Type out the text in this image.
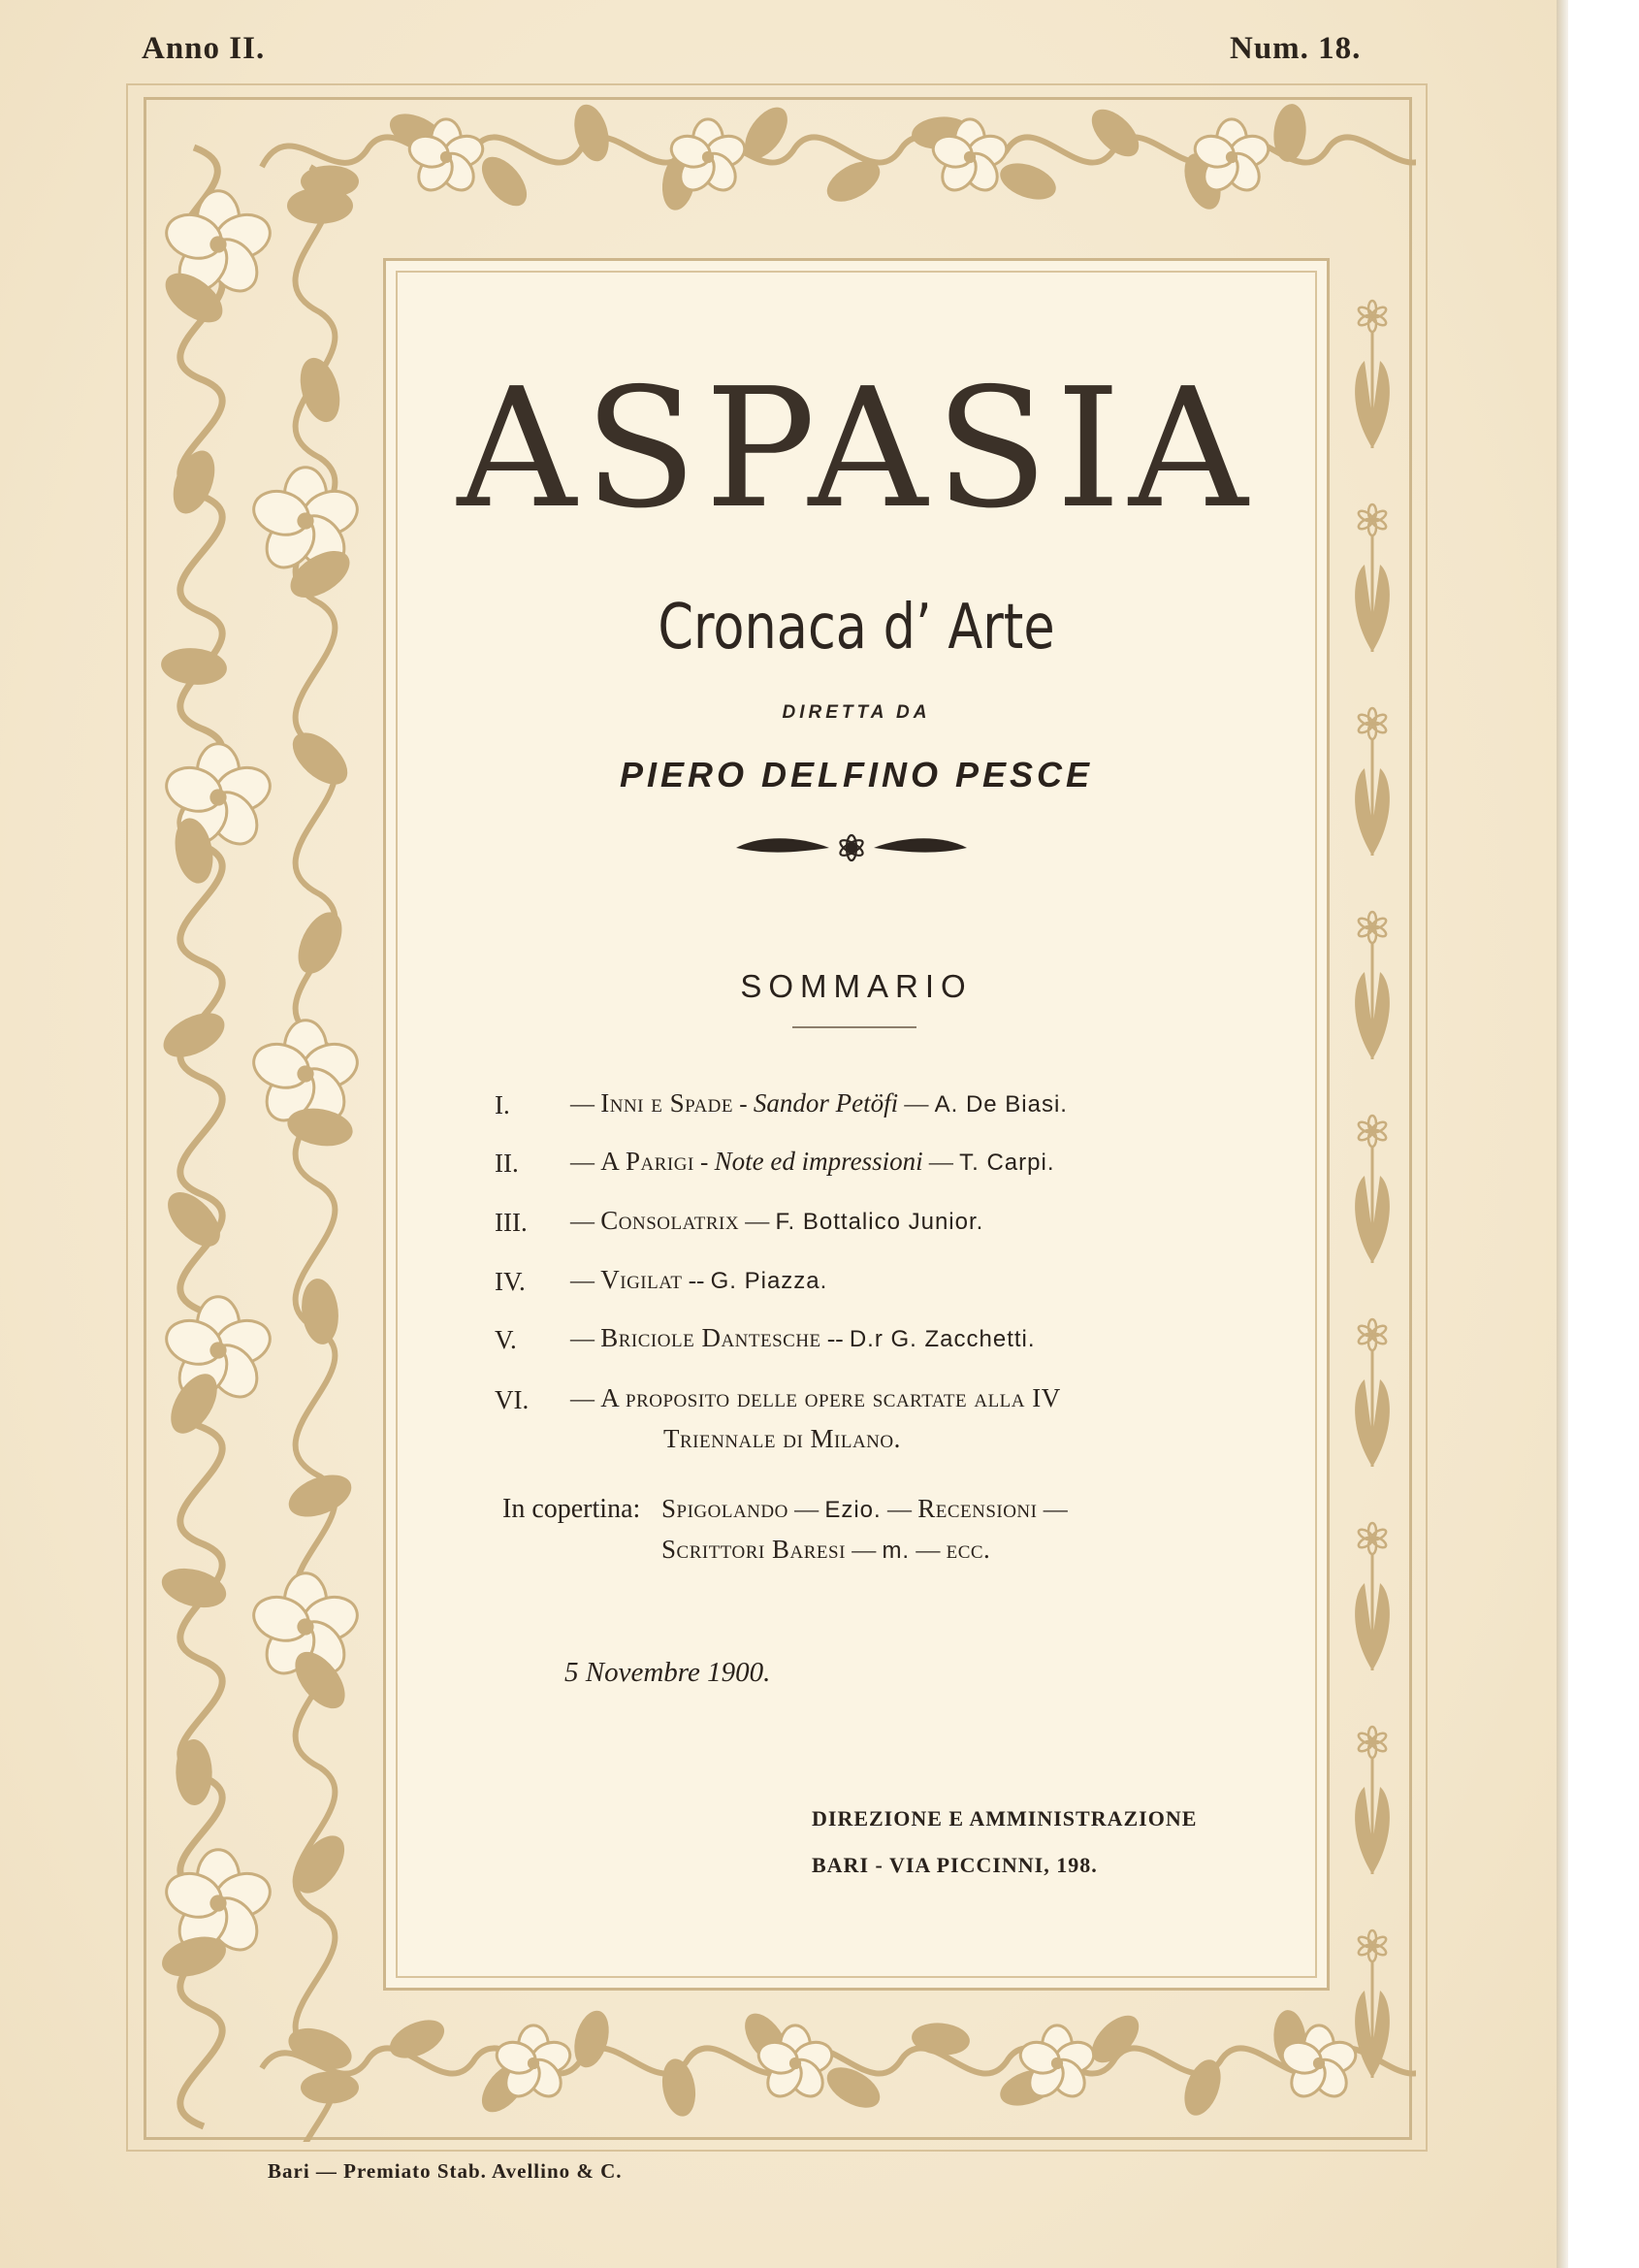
Anno II.	Num. 18.
ASPASIA
Cronaca d’ Arte
DIRETTA DA
PIERO DELFINO PESCE
SOMMARIO
I.	— Inni e Spade - Sandor Petöfi — A. De Biasi.
II.	— A Parigi - Note ed impressioni — T. Carpi.
III.	— Consolatrix — F. Bottalico Junior.
IV.	— Vigilat -- G. Piazza.
V.	— Briciole Dantesche -- D.r G. Zacchetti.
VI.	— A proposito delle opere scartate alla IV
Triennale di Milano.
In copertina: Spigolando — Ezio. — Recensioni —
Scrittori Baresi — m. — ecc.
5 Novembre 1900.
DIREZIONE E AMMINISTRAZIONE
BARI - VIA PICCINNI, 198.
Bari — Premiato Stab. Avellino & C.
